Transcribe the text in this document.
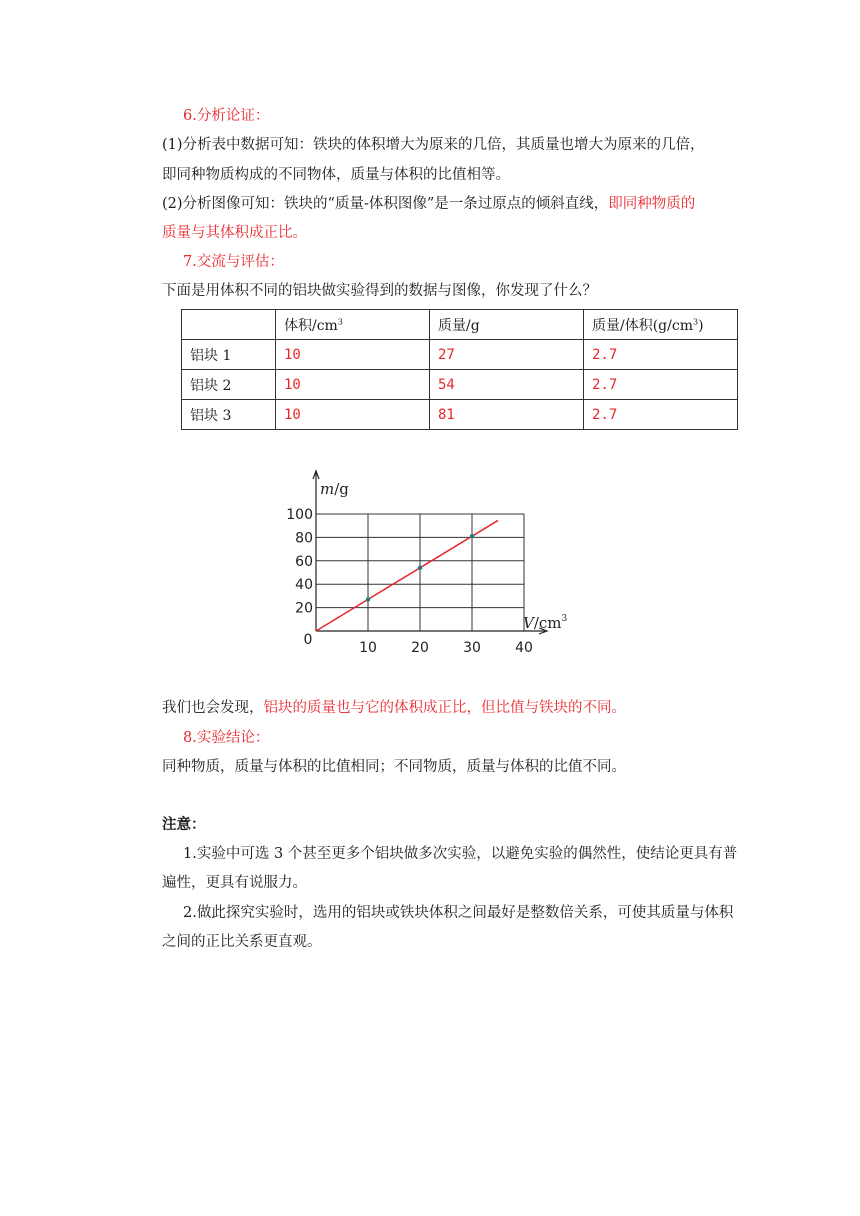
6.分析论证：
(1)分析表中数据可知：铁块的体积增大为原来的几倍，其质量也增大为原来的几倍，
即同种物质构成的不同物体，质量与体积的比值相等。
(2)分析图像可知：铁块的“质量-体积图像”是一条过原点的倾斜直线，即同种物质的
质量与其体积成正比。
7.交流与评估：
下面是用体积不同的铝块做实验得到的数据与图像，你发现了什么？
	体积$/cm^3$	质量/g	质量/体积$(g/cm^3)$
铝块 1	10	27	2.7
铝块 2	10	54	2.7
铝块 3	10	81	2.7
10 20 30 40
100
80
60
40
20
0
m/g
$V/cm^3$
我们也会发现，铝块的质量也与它的体积成正比，但比值与铁块的不同。
8.实验结论：
同种物质，质量与体积的比值相同；不同物质，质量与体积的比值不同。
注意：
1.实验中可选 3 个甚至更多个铝块做多次实验，以避免实验的偶然性，使结论更具有普
遍性，更具有说服力。
2.做此探究实验时，选用的铝块或铁块体积之间最好是整数倍关系，可使其质量与体积
之间的正比关系更直观。
